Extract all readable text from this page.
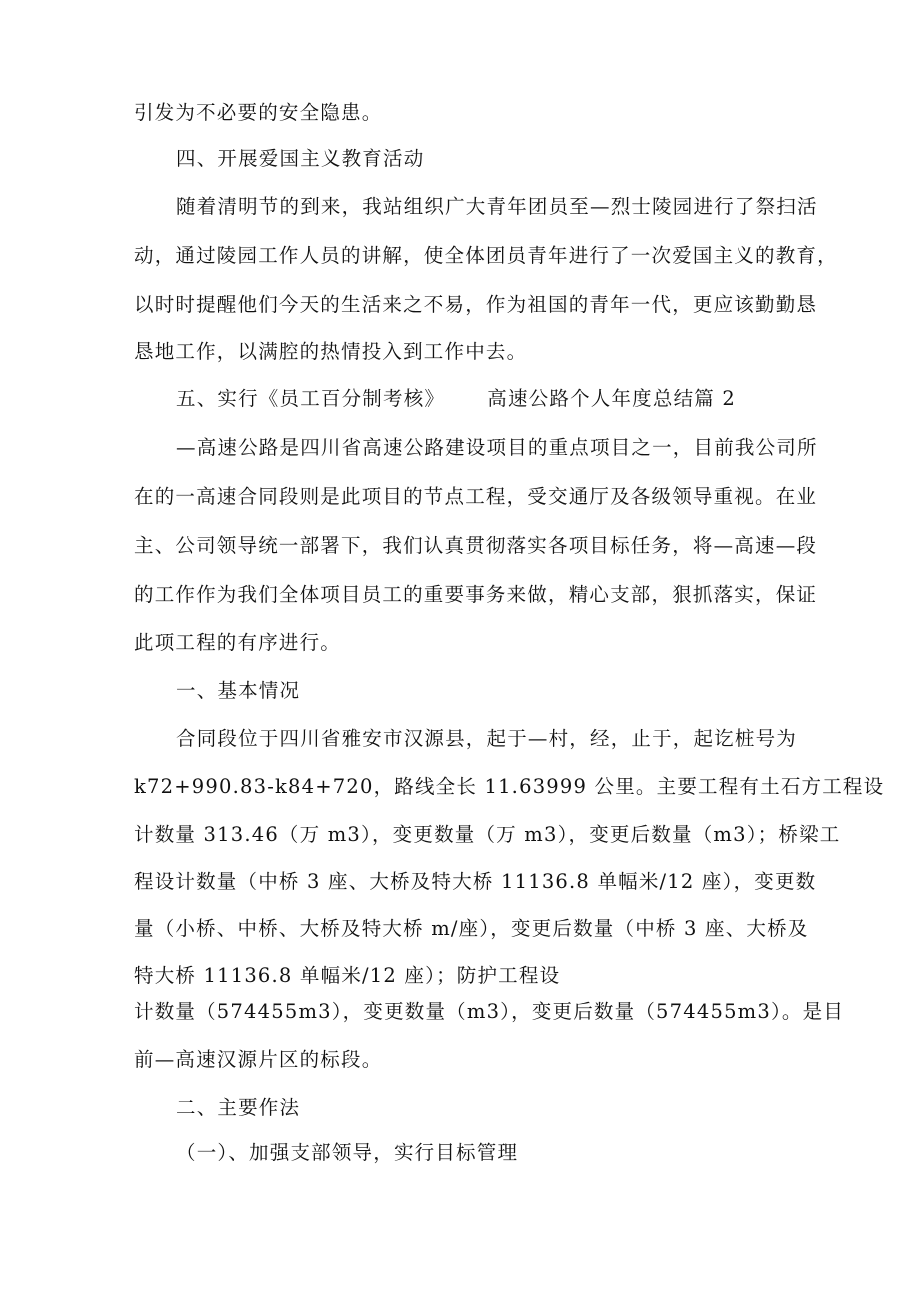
引发为不必要的安全隐患。
四、开展爱国主义教育活动
随着清明节的到来，我站组织广大青年团员至—烈士陵园进行了祭扫活
动，通过陵园工作人员的讲解，使全体团员青年进行了一次爱国主义的教育，
以时时提醒他们今天的生活来之不易，作为祖国的青年一代，更应该勤勤恳
恳地工作，以满腔的热情投入到工作中去。
五、实行《员工百分制考核》 高速公路个人年度总结篇 2
—高速公路是四川省高速公路建设项目的重点项目之一，目前我公司所
在的一高速合同段则是此项目的节点工程，受交通厅及各级领导重视。在业
主、公司领导统一部署下，我们认真贯彻落实各项目标任务，将—高速—段
的工作作为我们全体项目员工的重要事务来做，精心支部，狠抓落实，保证
此项工程的有序进行。
一、基本情况
合同段位于四川省雅安市汉源县，起于—村，经，止于，起讫桩号为
k72+990.83-k84+720，路线全长 11.63999 公里。主要工程有土石方工程设
计数量 313.46（万 m3），变更数量（万 m3），变更后数量（m3）；桥梁工
程设计数量（中桥 3 座、大桥及特大桥 11136.8 单幅米/12 座），变更数
量（小桥、中桥、大桥及特大桥 m/座），变更后数量（中桥 3 座、大桥及
特大桥 11136.8 单幅米/12 座）；防护工程设
计数量（574455m3），变更数量（m3），变更后数量（574455m3）。是目
前—高速汉源片区的标段。
二、主要作法
（一）、加强支部领导，实行目标管理
